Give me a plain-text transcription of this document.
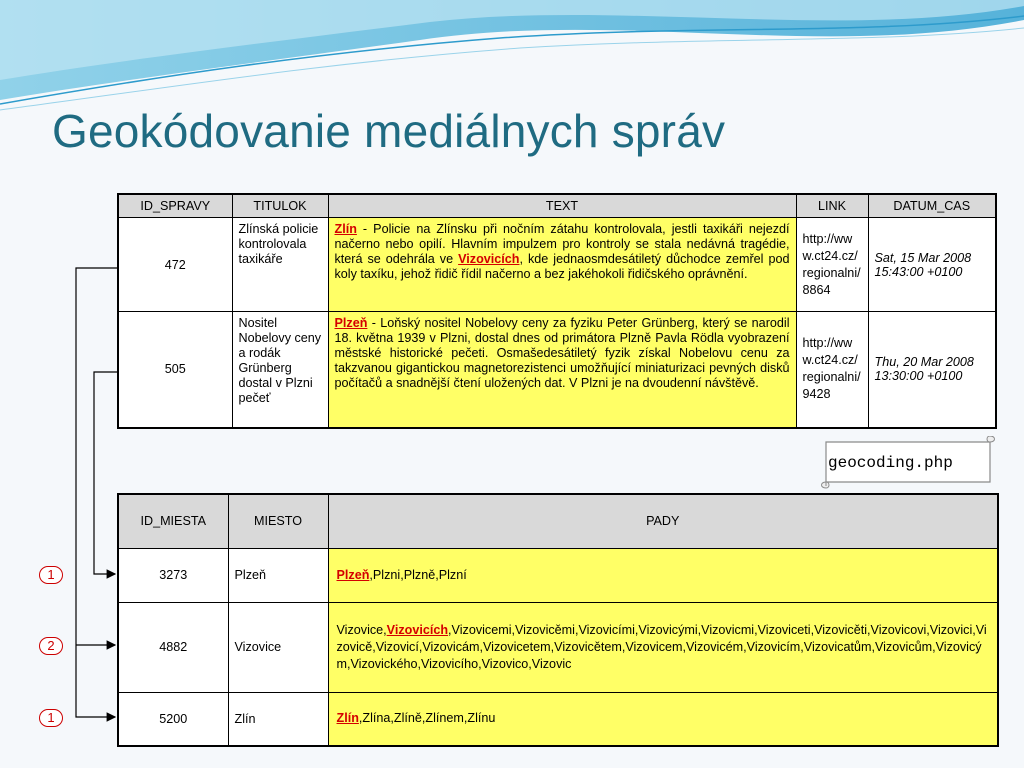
Geokódovanie mediálnych správ
ID_SPRAVY	TITULOK	TEXT	LINK	DATUM_CAS
472	Zlínská policie kontrolovala taxikáře	Zlín - Policie na Zlínsku při nočním zátahu kontrolovala, jestli taxikáři nejezdí načerno nebo opilí. Hlavním impulzem pro kontroly se stala nedávná tragédie, která se odehrála ve Vizovicích, kde jednaosmdesátiletý důchodce zemřel pod koly taxíku, jehož řidič řídil načerno a bez jakéhokoli řidičského oprávnění.	http://www.ct24.cz/regionalni/8864	Sat, 15 Mar 2008 15:43:00 +0100
505	Nositel Nobelovy ceny a rodák Grünberg dostal v Plzni pečeť	Plzeň - Loňský nositel Nobelovy ceny za fyziku Peter Grünberg, který se narodil 18. května 1939 v Plzni, dostal dnes od primátora Plzně Pavla Rödla vyobrazení městské historické pečeti. Osmašedesátiletý fyzik získal Nobelovu cenu za takzvanou gigantickou magnetorezistenci umožňující miniaturizaci pevných disků počítačů a snadnější čtení uložených dat. V Plzni je na dvoudenní návštěvě.	http://www.ct24.cz/regionalni/9428	Thu, 20 Mar 2008 13:30:00 +0100
geocoding.php
ID_MIESTA	MIESTO	PADY
3273	Plzeň	Plzeň,Plzni,Plzně,Plzní
4882	Vizovice	Vizovice,Vizovicích,Vizovicemi,Vizovicěmi,Vizovicími,Vizovicými,Vizovicmi,Vizoviceti,Vizovicěti,Vizovicovi,Vizovici,Vizovicě,Vizovicí,Vizovicám,Vizovicetem,Vizovicětem,Vizovicem,Vizovicém,Vizovicím,Vizovicatům,Vizovicům,Vizovicým,Vizovického,Vizovicího,Vizovico,Vizovic
5200	Zlín	Zlín,Zlína,Zlíně,Zlínem,Zlínu
1
2
1
